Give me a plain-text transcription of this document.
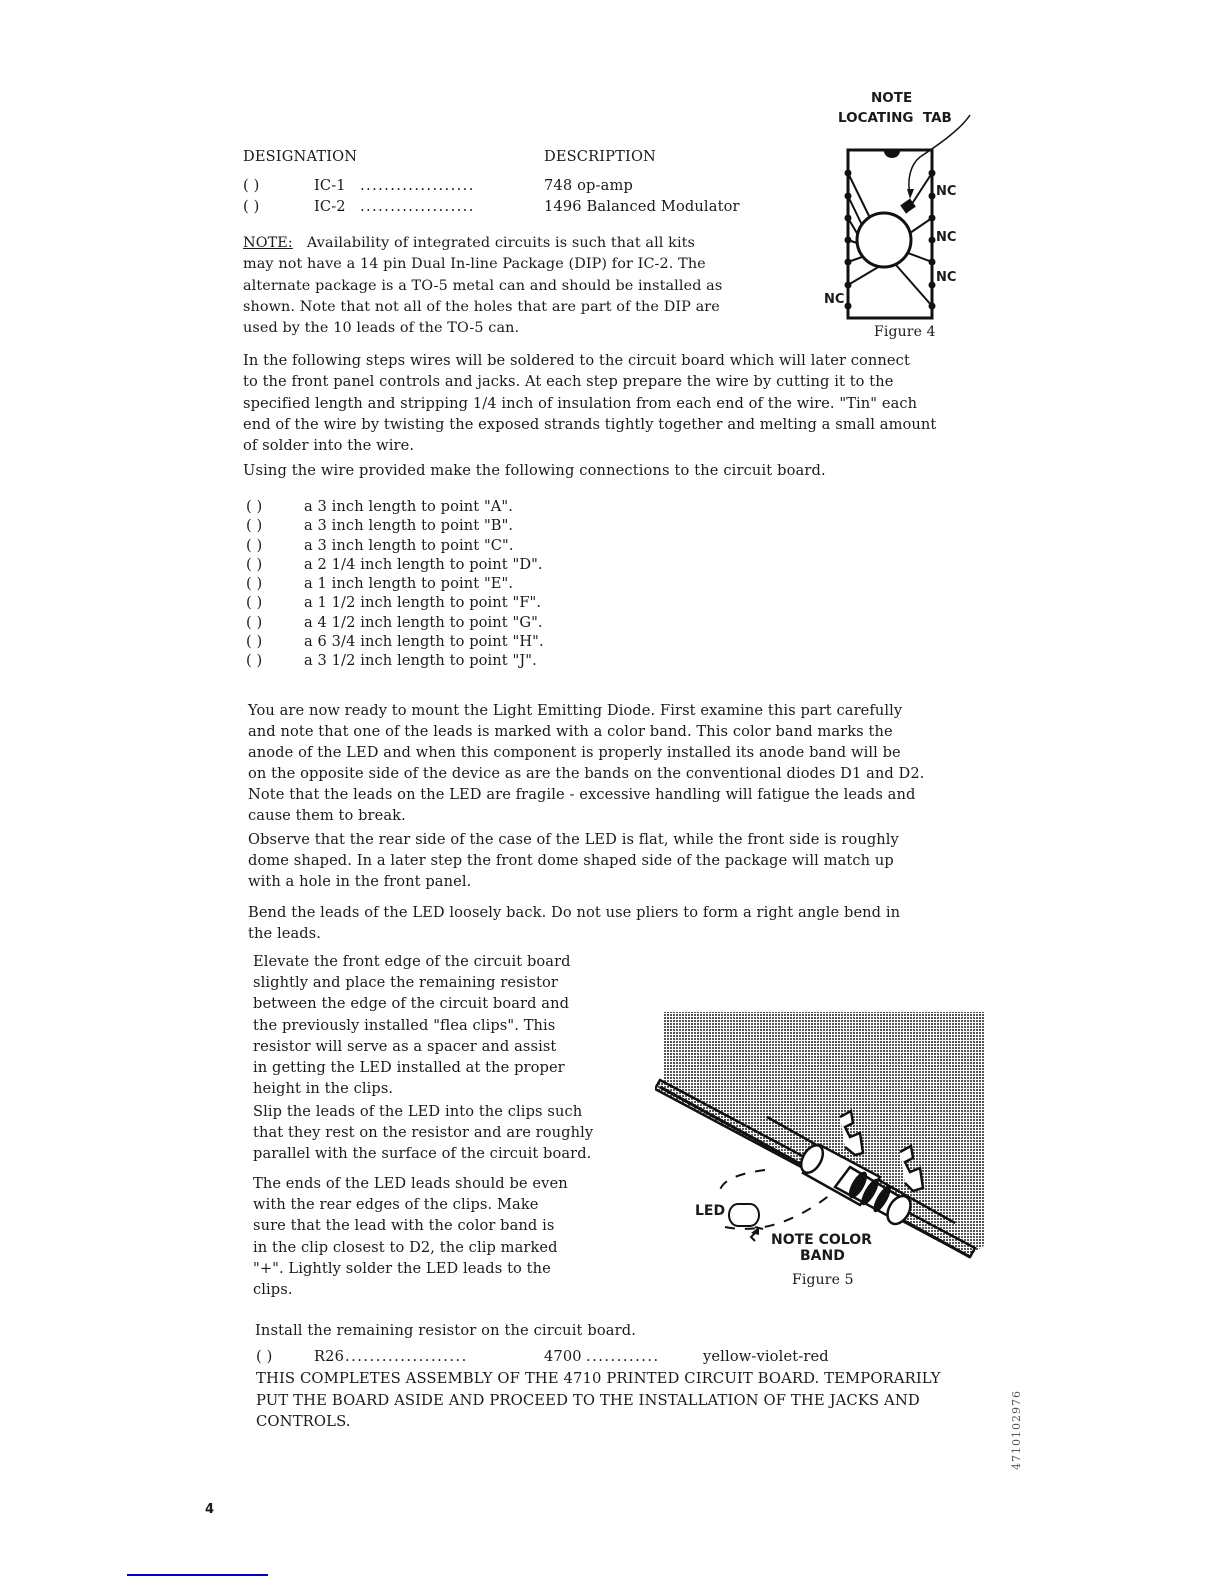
DESIGNATION	DESCRIPTION
( )	IC-1 ...................	748 op-amp
( )	IC-2 ...................	1496 Balanced Modulator
NOTE: Availability of integrated circuits is such that all kits
may not have a 14 pin Dual In-line Package (DIP) for IC-2. The
alternate package is a TO-5 metal can and should be installed as
shown. Note that not all of the holes that are part of the DIP are
used by the 10 leads of the TO-5 can.
NOTE
LOCATING  TAB
NC
NC
NC
NC
Figure 4
In the following steps wires will be soldered to the circuit board which will later connect
to the front panel controls and jacks. At each step prepare the wire by cutting it to the
specified length and stripping 1/4 inch of insulation from each end of the wire. "Tin" each
end of the wire by twisting the exposed strands tightly together and melting a small amount
of solder into the wire.
Using the wire provided make the following connections to the circuit board.
( )	a 3 inch length to point "A".
( )	a 3 inch length to point "B".
( )	a 3 inch length to point "C".
( )	a 2 1/4 inch length to point "D".
( )	a 1 inch length to point "E".
( )	a 1 1/2 inch length to point "F".
( )	a 4 1/2 inch length to point "G".
( )	a 6 3/4 inch length to point "H".
( )	a 3 1/2 inch length to point "J".
You are now ready to mount the Light Emitting Diode. First examine this part carefully
and note that one of the leads is marked with a color band. This color band marks the
anode of the LED and when this component is properly installed its anode band will be
on the opposite side of the device as are the bands on the conventional diodes D1 and D2.
Note that the leads on the LED are fragile - excessive handling will fatigue the leads and
cause them to break.
Observe that the rear side of the case of the LED is flat, while the front side is roughly
dome shaped. In a later step the front dome shaped side of the package will match up
with a hole in the front panel.
Bend the leads of the LED loosely back. Do not use pliers to form a right angle bend in
the leads.
Elevate the front edge of the circuit board
slightly and place the remaining resistor
between the edge of the circuit board and
the previously installed "flea clips". This
resistor will serve as a spacer and assist
in getting the LED installed at the proper
height in the clips.
Slip the leads of the LED into the clips such
that they rest on the resistor and are roughly
parallel with the surface of the circuit board.
The ends of the LED leads should be even
with the rear edges of the clips. Make
sure that the lead with the color band is
in the clip closest to D2, the clip marked
"+". Lightly solder the LED leads to the
clips.
LED
NOTE COLOR
BAND
Figure 5
Install the remaining resistor on the circuit board.
( )	R26 ....................	4700 ............	yellow-violet-red
THIS COMPLETES ASSEMBLY OF THE 4710 PRINTED CIRCUIT BOARD. TEMPORARILY
PUT THE BOARD ASIDE AND PROCEED TO THE INSTALLATION OF THE JACKS AND
CONTROLS.	4710102976
4
